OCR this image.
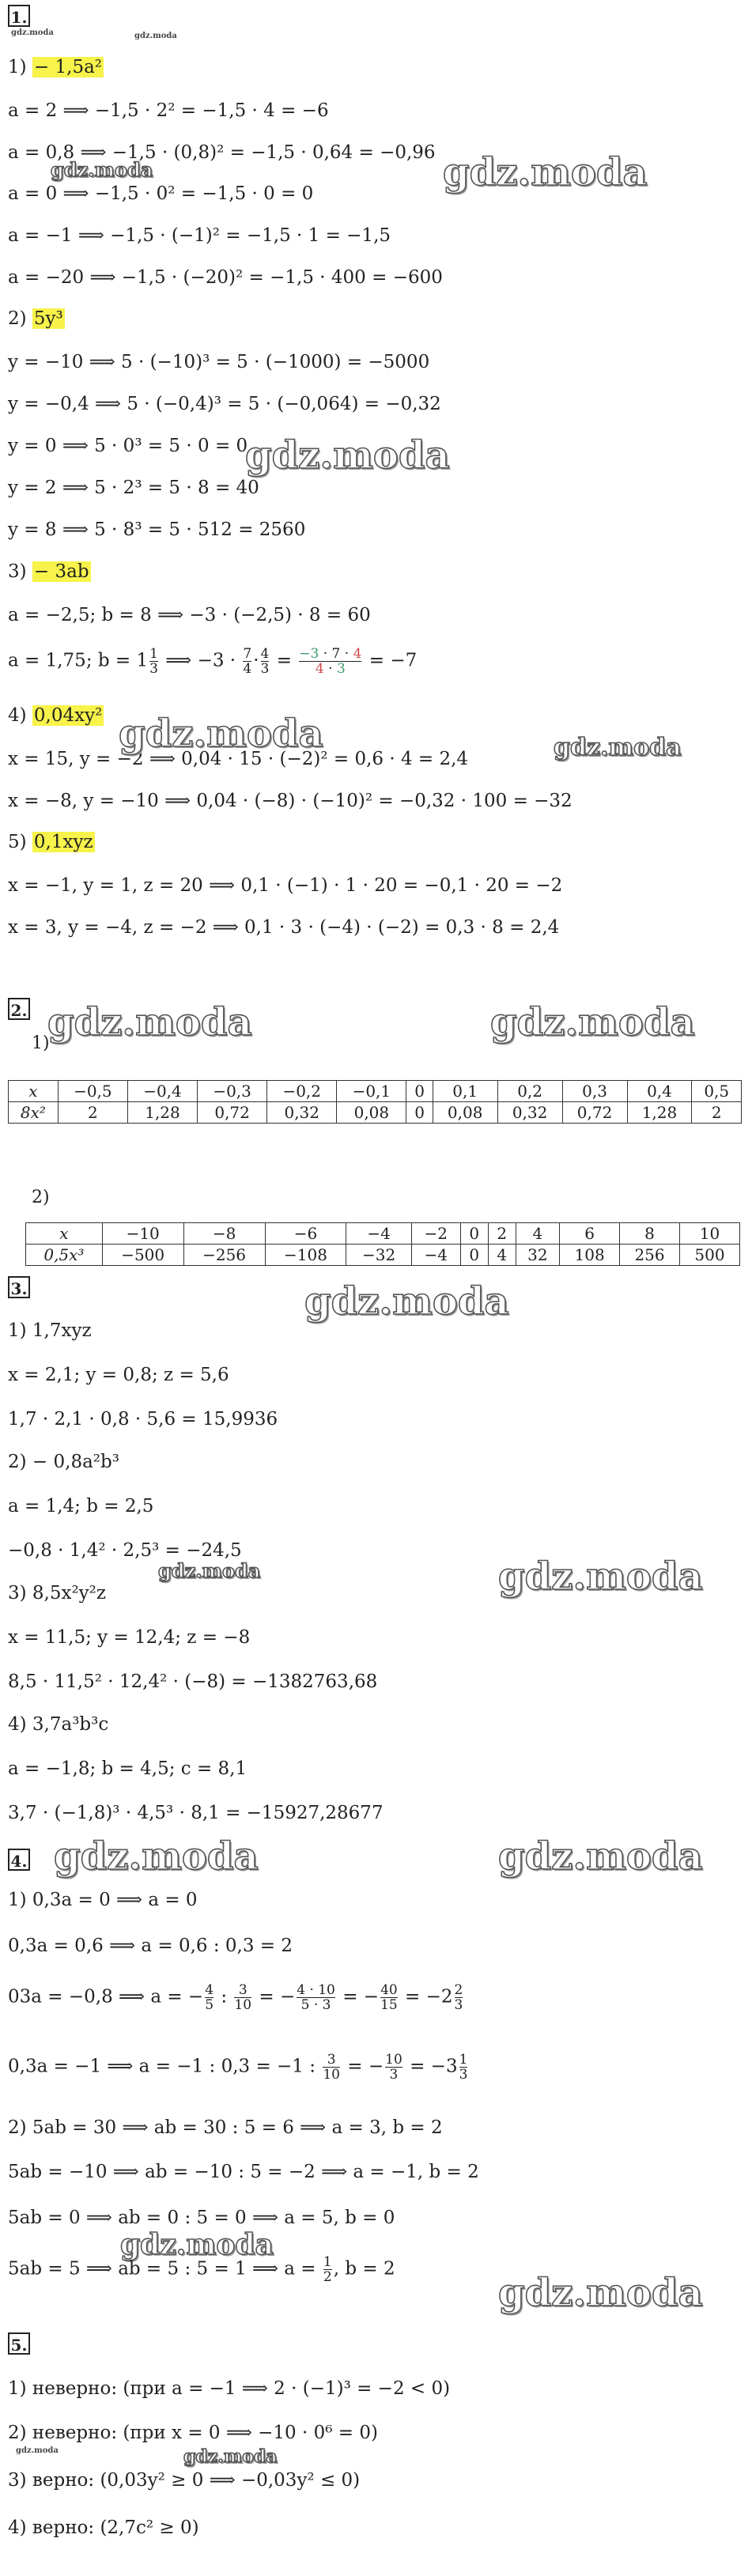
1.
gdz.moda	gdz.moda
1) − 1,5a²
a = 2 ⟹ −1,5 · 2² = −1,5 · 4 = −6
a = 0,8 ⟹ −1,5 · (0,8)² = −1,5 · 0,64 = −0,96
a = 0 ⟹ −1,5 · 0² = −1,5 · 0 = 0
a = −1 ⟹ −1,5 · (−1)² = −1,5 · 1 = −1,5
a = −20 ⟹ −1,5 · (−20)² = −1,5 · 400 = −600
2) 5y³
y = −10 ⟹ 5 · (−10)³ = 5 · (−1000) = −5000
y = −0,4 ⟹ 5 · (−0,4)³ = 5 · (−0,064) = −0,32
y = 0 ⟹ 5 · 0³ = 5 · 0 = 0
y = 2 ⟹ 5 · 2³ = 5 · 8 = 40
y = 8 ⟹ 5 · 8³ = 5 · 512 = 2560
3) − 3ab
a = −2,5; b = 8 ⟹ −3 · (−2,5) · 8 = 60
a = 1,75; $b = 1 \frac{1}{3}$ ⟹ $-3 \cdot \frac{7}{4} \cdot \frac{4}{3} = \frac{-3 \cdot 7 \cdot 4}{4 \cdot 3} = -7$
4) 0,04xy²
x = 15, y = −2 ⟹ 0,04 · 15 · (−2)² = 0,6 · 4 = 2,4
x = −8, y = −10 ⟹ 0,04 · (−8) · (−10)² = −0,32 · 100 = −32
5) 0,1xyz
x = −1, y = 1, z = 20 ⟹ 0,1 · (−1) · 1 · 20 = −0,1 · 20 = −2
x = 3, y = −4, z = −2 ⟹ 0,1 · 3 · (−4) · (−2) = 0,3 · 8 = 2,4
gdz.moda	gdz.moda
gdz.moda
gdz.moda	gdz.moda
2. gdz.moda	gdz.moda
1)
x	−0,5	−0,4	−0,3	−0,2	−0,1	0	0,1	0,2	0,3	0,4	0,5
8x²	2	1,28	0,72	0,32	0,08	0	0,08	0,32	0,72	1,28	2
2)
x	−10	−8	−6	−4	−2	0	2	4	6	8	10
0,5x³	−500	−256	−108	−32	−4	0	4	32	108	256	500
3.	gdz.moda
1) 1,7xyz
x = 2,1; y = 0,8; z = 5,6
1,7 · 2,1 · 0,8 · 5,6 = 15,9936
2) − 0,8a²b³
a = 1,4; b = 2,5
−0,8 · 1,4² · 2,5³ = −24,5
gdz.moda	gdz.moda
3) 8,5x²y²z
x = 11,5; y = 12,4; z = −8
8,5 · 11,5² · 12,4² · (−8) = −1382763,68
4) 3,7a³b³c
a = −1,8; b = 4,5; c = 8,1
3,7 · (−1,8)³ · 4,5³ · 8,1 = −15927,28677
4. gdz.moda	gdz.moda
1) 0,3a = 0 ⟹ a = 0
0,3a = 0,6 ⟹ a = 0,6 : 0,3 = 2
03a = −0,8 ⟹ a = − $\frac{4}{5}$ : $\frac{3}{10}$ = − $\frac{4 \cdot 10}{5 \cdot 3}$ = − $\frac{40}{15} = -2 \frac{2}{3}$
0,3a = −1 ⟹ a = −1 : 0,3 = −1 : $\frac{3}{10}$ = − $\frac{10}{3} = -3 \frac{1}{3}$
2) 5ab = 30 ⟹ ab = 30 : 5 = 6 ⟹ a = 3, b = 2
5ab = −10 ⟹ ab = −10 : 5 = −2 ⟹ a = −1, b = 2
5ab = 0 ⟹ ab = 0 : 5 = 0 ⟹ a = 5, b = 0
gdz.moda
5ab = 5 ⟹ ab = 5 : 5 = 1 ⟹ $a = \frac{1}{2}$ , b = 2
gdz.moda
5.
1) неверно: (при a = −1 ⟹ 2 · (−1)³ = −2 < 0)
2) неверно: (при x = 0 ⟹ −10 · 0⁶ = 0)
gdz.moda	gdz.moda
3) верно: (0,03y² ≥ 0 ⟹ −0,03y² ≤ 0)
4) верно: (2,7c² ≥ 0)
